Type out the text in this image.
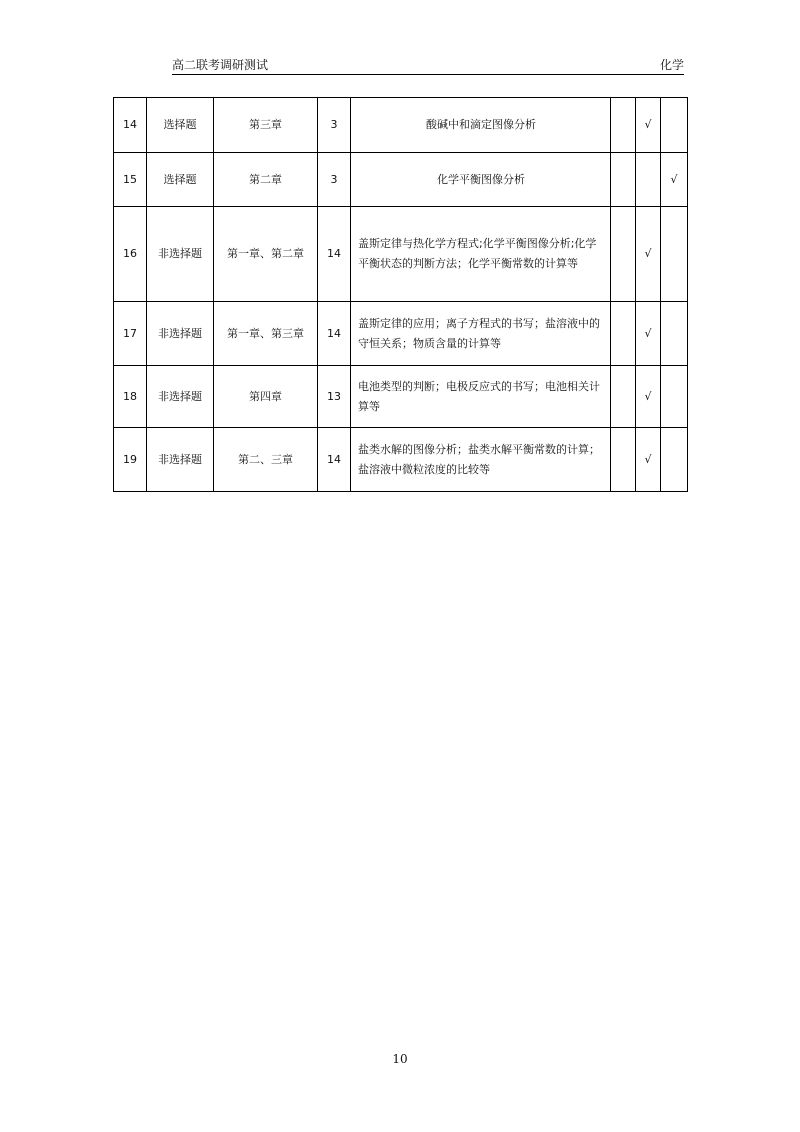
高二联考调研测试	化学
14	选择题	第三章	3	酸碱中和滴定图像分析		√	
15	选择题	第二章	3	化学平衡图像分析			√
16	非选择题	第一章、第二章	14	盖斯定律与热化学方程式;化学平衡图像分析;化学平衡状态的判断方法；化学平衡常数的计算等		√	
17	非选择题	第一章、第三章	14	盖斯定律的应用；离子方程式的书写；盐溶液中的守恒关系；物质含量的计算等		√	
18	非选择题	第四章	13	电池类型的判断；电极反应式的书写；电池相关计算等		√	
19	非选择题	第二、三章	14	盐类水解的图像分析；盐类水解平衡常数的计算；盐溶液中微粒浓度的比较等		√	
10
